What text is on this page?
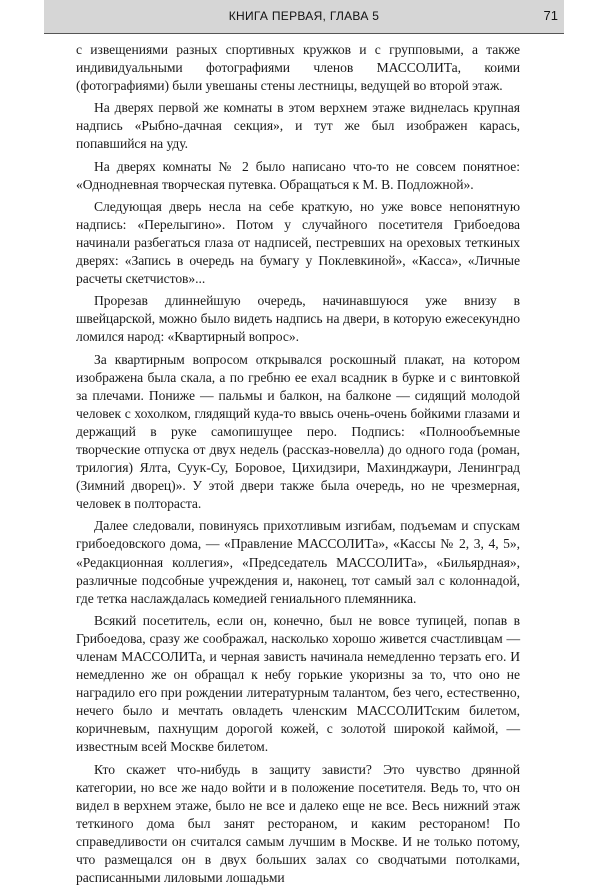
КНИГА ПЕРВАЯ, ГЛАВА 5	71

с извещениями разных спортивных кружков и с групповыми, а также индивидуальными фотографиями членов МАССОЛИТа, коими (фотографиями) были увешаны стены лестницы, ведущей во второй этаж.

На дверях первой же комнаты в этом верхнем этаже виднелась крупная надпись «Рыбно-дачная секция», и тут же был изображен карась, попавшийся на уду.

На дверях комнаты № 2 было написано что-то не совсем понятное: «Однодневная творческая путевка. Обращаться к М. В. Подложной».

Следующая дверь несла на себе краткую, но уже вовсе непонятную надпись: «Перелыгино». Потом у случайного посетителя Грибоедова начинали разбегаться глаза от надписей, пестревших на ореховых теткиных дверях: «Запись в очередь на бумагу у Поклевкиной», «Касса», «Личные расчеты скетчистов»...

Прорезав длиннейшую очередь, начинавшуюся уже внизу в швейцарской, можно было видеть надпись на двери, в которую ежесекундно ломился народ: «Квартирный вопрос».

За квартирным вопросом открывался роскошный плакат, на котором изображена была скала, а по гребню ее ехал всадник в бурке и с винтовкой за плечами. Пониже — пальмы и балкон, на балконе — сидящий молодой человек с хохолком, глядящий куда-то ввысь очень-очень бойкими глазами и держащий в руке самопишущее перо. Подпись: «Полнообъемные творческие отпуска от двух недель (рассказ-новелла) до одного года (роман, трилогия) Ялта, Суук-Су, Боровое, Цихидзири, Махинджаури, Ленинград (Зимний дворец)». У этой двери также была очередь, но не чрезмерная, человек в полтораста.

Далее следовали, повинуясь прихотливым изгибам, подъемам и спускам грибоедовского дома, — «Правление МАССОЛИТа», «Кассы № 2, 3, 4, 5», «Редакционная коллегия», «Председатель МАССОЛИТа», «Бильярдная», различные подсобные учреждения и, наконец, тот самый зал с колоннадой, где тетка наслаждалась комедией гениального племянника.

Всякий посетитель, если он, конечно, был не вовсе тупицей, попав в Грибоедова, сразу же соображал, насколько хорошо живется счастливцам — членам МАССОЛИТа, и черная зависть начинала немедленно терзать его. И немедленно же он обращал к небу горькие укоризны за то, что оно не наградило его при рождении литературным талантом, без чего, естественно, нечего было и мечтать овладеть членским МАССОЛИТским билетом, коричневым, пахнущим дорогой кожей, с золотой широкой каймой, — известным всей Москве билетом.

Кто скажет что-нибудь в защиту зависти? Это чувство дрянной категории, но все же надо войти и в положение посетителя. Ведь то, что он видел в верхнем этаже, было не все и далеко еще не все. Весь нижний этаж теткиного дома был занят рестораном, и каким рестораном! По справедливости он считался самым лучшим в Москве. И не только потому, что размещался он в двух больших залах со сводчатыми потолками, расписанными лиловыми лошадьми
